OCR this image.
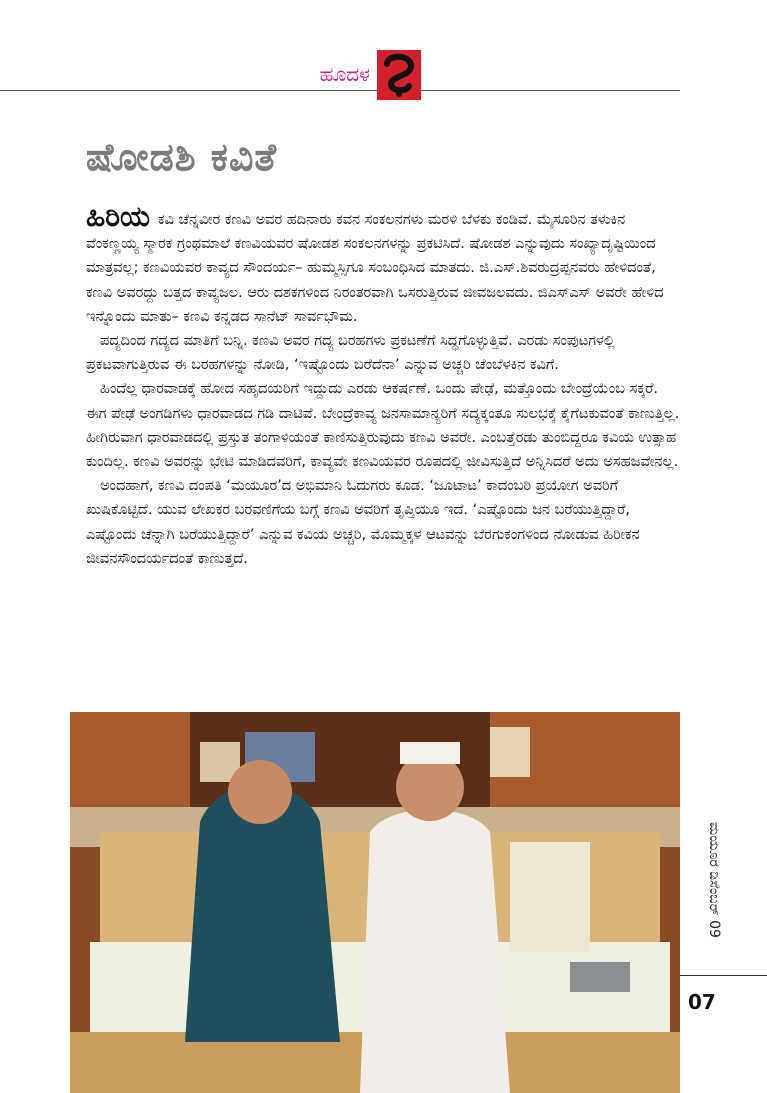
ಹೂದಳ
ಷೋಡಶಿ ಕವಿತೆ

ಹಿರಿಯ ಕವಿ ಚೆನ್ನವೀರ ಕಣವಿ ಅವರ ಹದಿನಾರು ಕವನ ಸಂಕಲನಗಳು ಮರಳಿ ಬೆಳಕು ಕಂಡಿವೆ. ಮೈಸೂರಿನ ತಳುಕಿನ ವೆಂಕಣ್ಣಯ್ಯ ಸ್ಮಾರಕ ಗ್ರಂಥಮಾಲೆ ಕಣವಿಯವರ ಷೋಡಶ ಸಂಕಲನಗಳನ್ನು ಪ್ರಕಟಿಸಿದೆ. ಷೋಡಶ ಎನ್ನುವುದು ಸಂಖ್ಯಾದೃಷ್ಟಿಯಿಂದ ಮಾತ್ರವಲ್ಲ; ಕಣವಿಯವರ ಕಾವ್ಯದ ಸೌಂದರ್ಯ– ಹುಮ್ಮಸ್ಸಿಗೂ ಸಂಬಂಧಿಸಿದ ಮಾತದು. ಜಿ.ಎಸ್.ಶಿವರುದ್ರಪ್ಪನವರು ಹೇಳಿದಂತೆ, ಕಣವಿ ಅವರದ್ದು ಬತ್ತದ ಕಾವ್ಯಜಲ. ಆರು ದಶಕಗಳಿಂದ ನಿರಂತರವಾಗಿ ಒಸರುತ್ತಿರುವ ಜೀವಜಲವದು. ಜಿಎಸ್ಎಸ್ ಅವರೇ ಹೇಳಿದ ಇನ್ನೊಂದು ಮಾತು– ಕಣವಿ ಕನ್ನಡದ ಸಾನೆಟ್ ಸಾರ್ವಭೌಮ.

ಪದ್ಯದಿಂದ ಗದ್ಯದ ಮಾತಿಗೆ ಬನ್ನಿ. ಕಣವಿ ಅವರ ಗದ್ಯ ಬರಹಗಳು ಪ್ರಕಟಣೆಗೆ ಸಿದ್ಧಗೊಳ್ಳುತ್ತಿವೆ. ಎರಡು ಸಂಪುಟಗಳಲ್ಲಿ ಪ್ರಕಟವಾಗುತ್ತಿರುವ ಈ ಬರಹಗಳನ್ನು ನೋಡಿ, ‘ಇಷ್ಟೊಂದು ಬರೆದೆನಾ’ ಎನ್ನುವ ಅಚ್ಚರಿ ಚೆಂಬೆಳಕಿನ ಕವಿಗೆ.

ಹಿಂದೆಲ್ಲ ಧಾರವಾಡಕ್ಕೆ ಹೋದ ಸಹೃದಯರಿಗೆ ಇದ್ದುದು ಎರಡು ಆಕರ್ಷಣೆ. ಒಂದು ಪೇಢೆ, ಮತ್ತೊಂದು ಬೇಂದ್ರೆಯೆಂಬ ಸಕ್ಕರೆ. ಈಗ ಪೇಢೆ ಅಂಗಡಿಗಳು ಧಾರವಾಡದ ಗಡಿ ದಾಟಿವೆ. ಬೇಂದ್ರೆಕಾವ್ಯ ಜನಸಾಮಾನ್ಯರಿಗೆ ಸದ್ಯಕ್ಕಂತೂ ಸುಲಭಕ್ಕೆ ಕೈಗೆಟಕುವಂತೆ ಕಾಣುತ್ತಿಲ್ಲ. ಹೀಗಿರುವಾಗ ಧಾರವಾಡದಲ್ಲಿ ಪ್ರಸ್ತುತ ತಂಗಾಳಿಯಂತೆ ಕಾಣಿಸುತ್ತಿರುವುದು ಕಣವಿ ಅವರೇ. ಎಂಬತ್ತೆರಡು ತುಂಬಿದ್ದರೂ ಕವಿಯ ಉತ್ಸಾಹ ಕುಂದಿಲ್ಲ. ಕಣವಿ ಅವರನ್ನು ಭೇಟಿ ಮಾಡಿದವರಿಗೆ, ಕಾವ್ಯವೇ ಕಣವಿಯವರ ರೂಪದಲ್ಲಿ ಜೀವಿಸುತ್ತಿದೆ ಅನ್ನಿಸಿದರೆ ಅದು ಅಸಹಜವೇನಲ್ಲ.

ಅಂದಹಾಗೆ, ಕಣವಿ ದಂಪತಿ ‘ಮಯೂರ’ದ ಅಭಿಮಾನಿ ಓದುಗರು ಕೂಡ. ‘ಜೂಟಾಟ’ ಕಾದಂಬರಿ ಪ್ರಯೋಗ ಅವರಿಗೆ ಖುಷಿಕೊಟ್ಟಿದೆ. ಯುವ ಲೇಖಕರ ಬರವಣಿಗೆಯ ಬಗ್ಗೆ ಕಣವಿ ಅವರಿಗೆ ತೃಪ್ತಿಯೂ ಇದೆ. ‘ಎಷ್ಟೊಂದು ಜನ ಬರೆಯುತ್ತಿದ್ದಾರೆ, ಎಷ್ಟೊಂದು ಚೆನ್ನಾಗಿ ಬರೆಯುತ್ತಿದ್ದಾರೆ’ ಎನ್ನುವ ಕವಿಯ ಅಚ್ಚರಿ, ಮೊಮ್ಮಕ್ಕಳ ಆಟವನ್ನು ಬೆರಗುಕಂಗಳಿಂದ ನೋಡುವ ಹಿರೀಕನ ಜೀವನಸೌಂದರ್ಯದಂತೆ ಕಾಣುತ್ತದೆ.

ಮಯೂರ ಡಿಸೆಂಬರ್ 09
07
